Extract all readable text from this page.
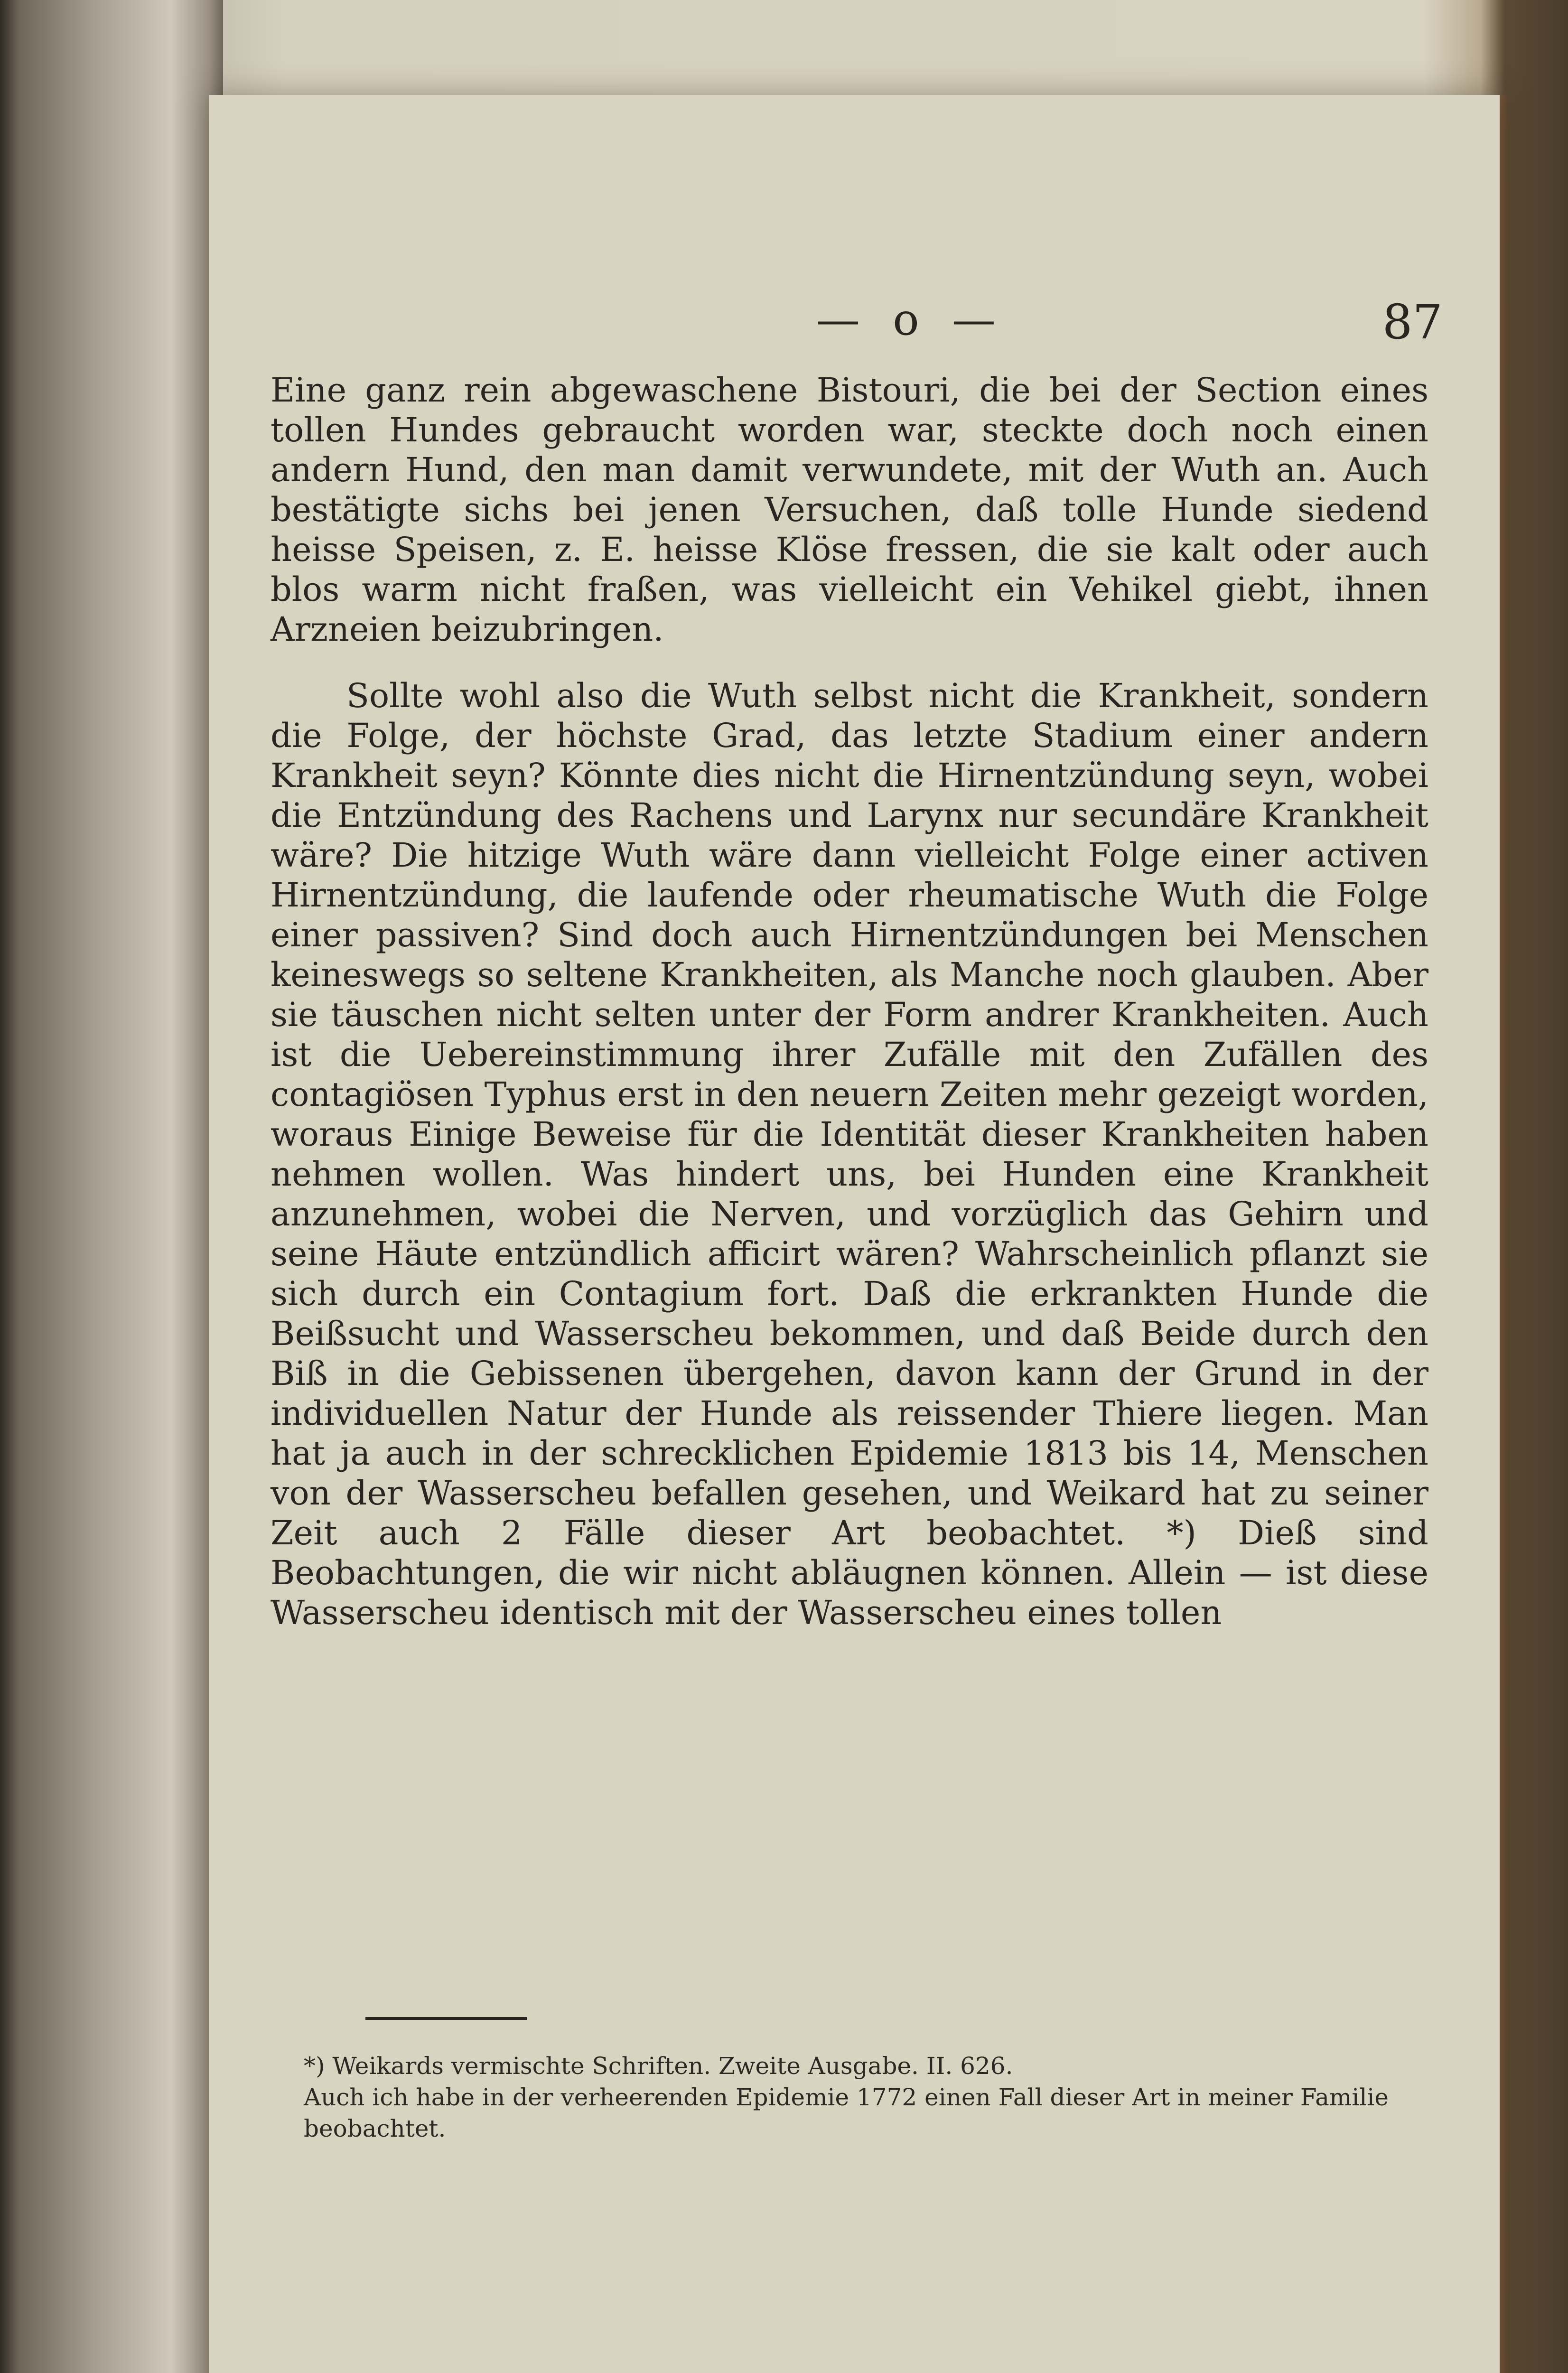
— o —	87

Eine ganz rein abgewaschene Bistouri, die bei der Section eines tollen Hundes gebraucht worden war, steckte doch noch einen andern Hund, den man damit verwundete, mit der Wuth an. Auch bestätigte sichs bei jenen Versuchen, daß tolle Hunde siedend heisse Speisen, z. E. heisse Klöse fressen, die sie kalt oder auch blos warm nicht fraßen, was vielleicht ein Vehikel giebt, ihnen Arzneien beizubringen.

Sollte wohl also die Wuth selbst nicht die Krankheit, sondern die Folge, der höchste Grad, das letzte Stadium einer andern Krankheit seyn? Könnte dies nicht die Hirnentzündung seyn, wobei die Entzündung des Rachens und Larynx nur secundäre Krankheit wäre? Die hitzige Wuth wäre dann vielleicht Folge einer activen Hirnentzündung, die laufende oder rheumatische Wuth die Folge einer passiven? Sind doch auch Hirnentzündungen bei Menschen keineswegs so seltene Krankheiten, als Manche noch glauben. Aber sie täuschen nicht selten unter der Form andrer Krankheiten. Auch ist die Uebereinstimmung ihrer Zufälle mit den Zufällen des contagiösen Typhus erst in den neuern Zeiten mehr gezeigt worden, woraus Einige Beweise für die Identität dieser Krankheiten haben nehmen wollen. Was hindert uns, bei Hunden eine Krankheit anzunehmen, wobei die Nerven, und vorzüglich das Gehirn und seine Häute entzündlich afficirt wären? Wahrscheinlich pflanzt sie sich durch ein Contagium fort. Daß die erkrankten Hunde die Beißsucht und Wasserscheu bekommen, und daß Beide durch den Biß in die Gebissenen übergehen, davon kann der Grund in der individuellen Natur der Hunde als reissender Thiere liegen. Man hat ja auch in der schrecklichen Epidemie 1813 bis 14, Menschen von der Wasserscheu befallen gesehen, und Weikard hat zu seiner Zeit auch 2 Fälle dieser Art beobachtet. *) Dieß sind Beobachtungen, die wir nicht abläugnen können. Allein — ist diese Wasserscheu identisch mit der Wasserscheu eines tollen

*) Weikards vermischte Schriften. Zweite Ausgabe. II. 626.

Auch ich habe in der verheerenden Epidemie 1772 einen Fall dieser Art in meiner Familie beobachtet.
